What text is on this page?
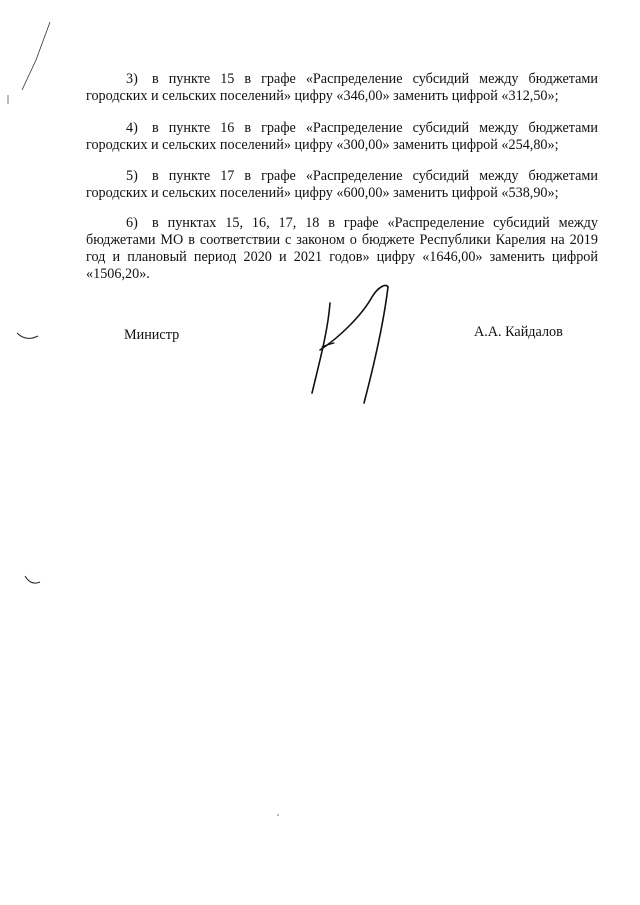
3) в пункте 15 в графе «Распределение субсидий между бюджетами городских и сельских поселений» цифру «346,00» заменить цифрой «312,50»;
4) в пункте 16 в графе «Распределение субсидий между бюджетами городских и сельских поселений» цифру «300,00» заменить цифрой «254,80»;
5) в пункте 17 в графе «Распределение субсидий между бюджетами городских и сельских поселений» цифру «600,00» заменить цифрой «538,90»;
6) в пунктах 15, 16, 17, 18 в графе «Распределение субсидий между бюджетами МО в соответствии с законом о бюджете Республики Карелия на 2019 год и плановый период 2020 и 2021 годов» цифру «1646,00» заменить цифрой «1506,20».
Министр	А.А. Кайдалов
